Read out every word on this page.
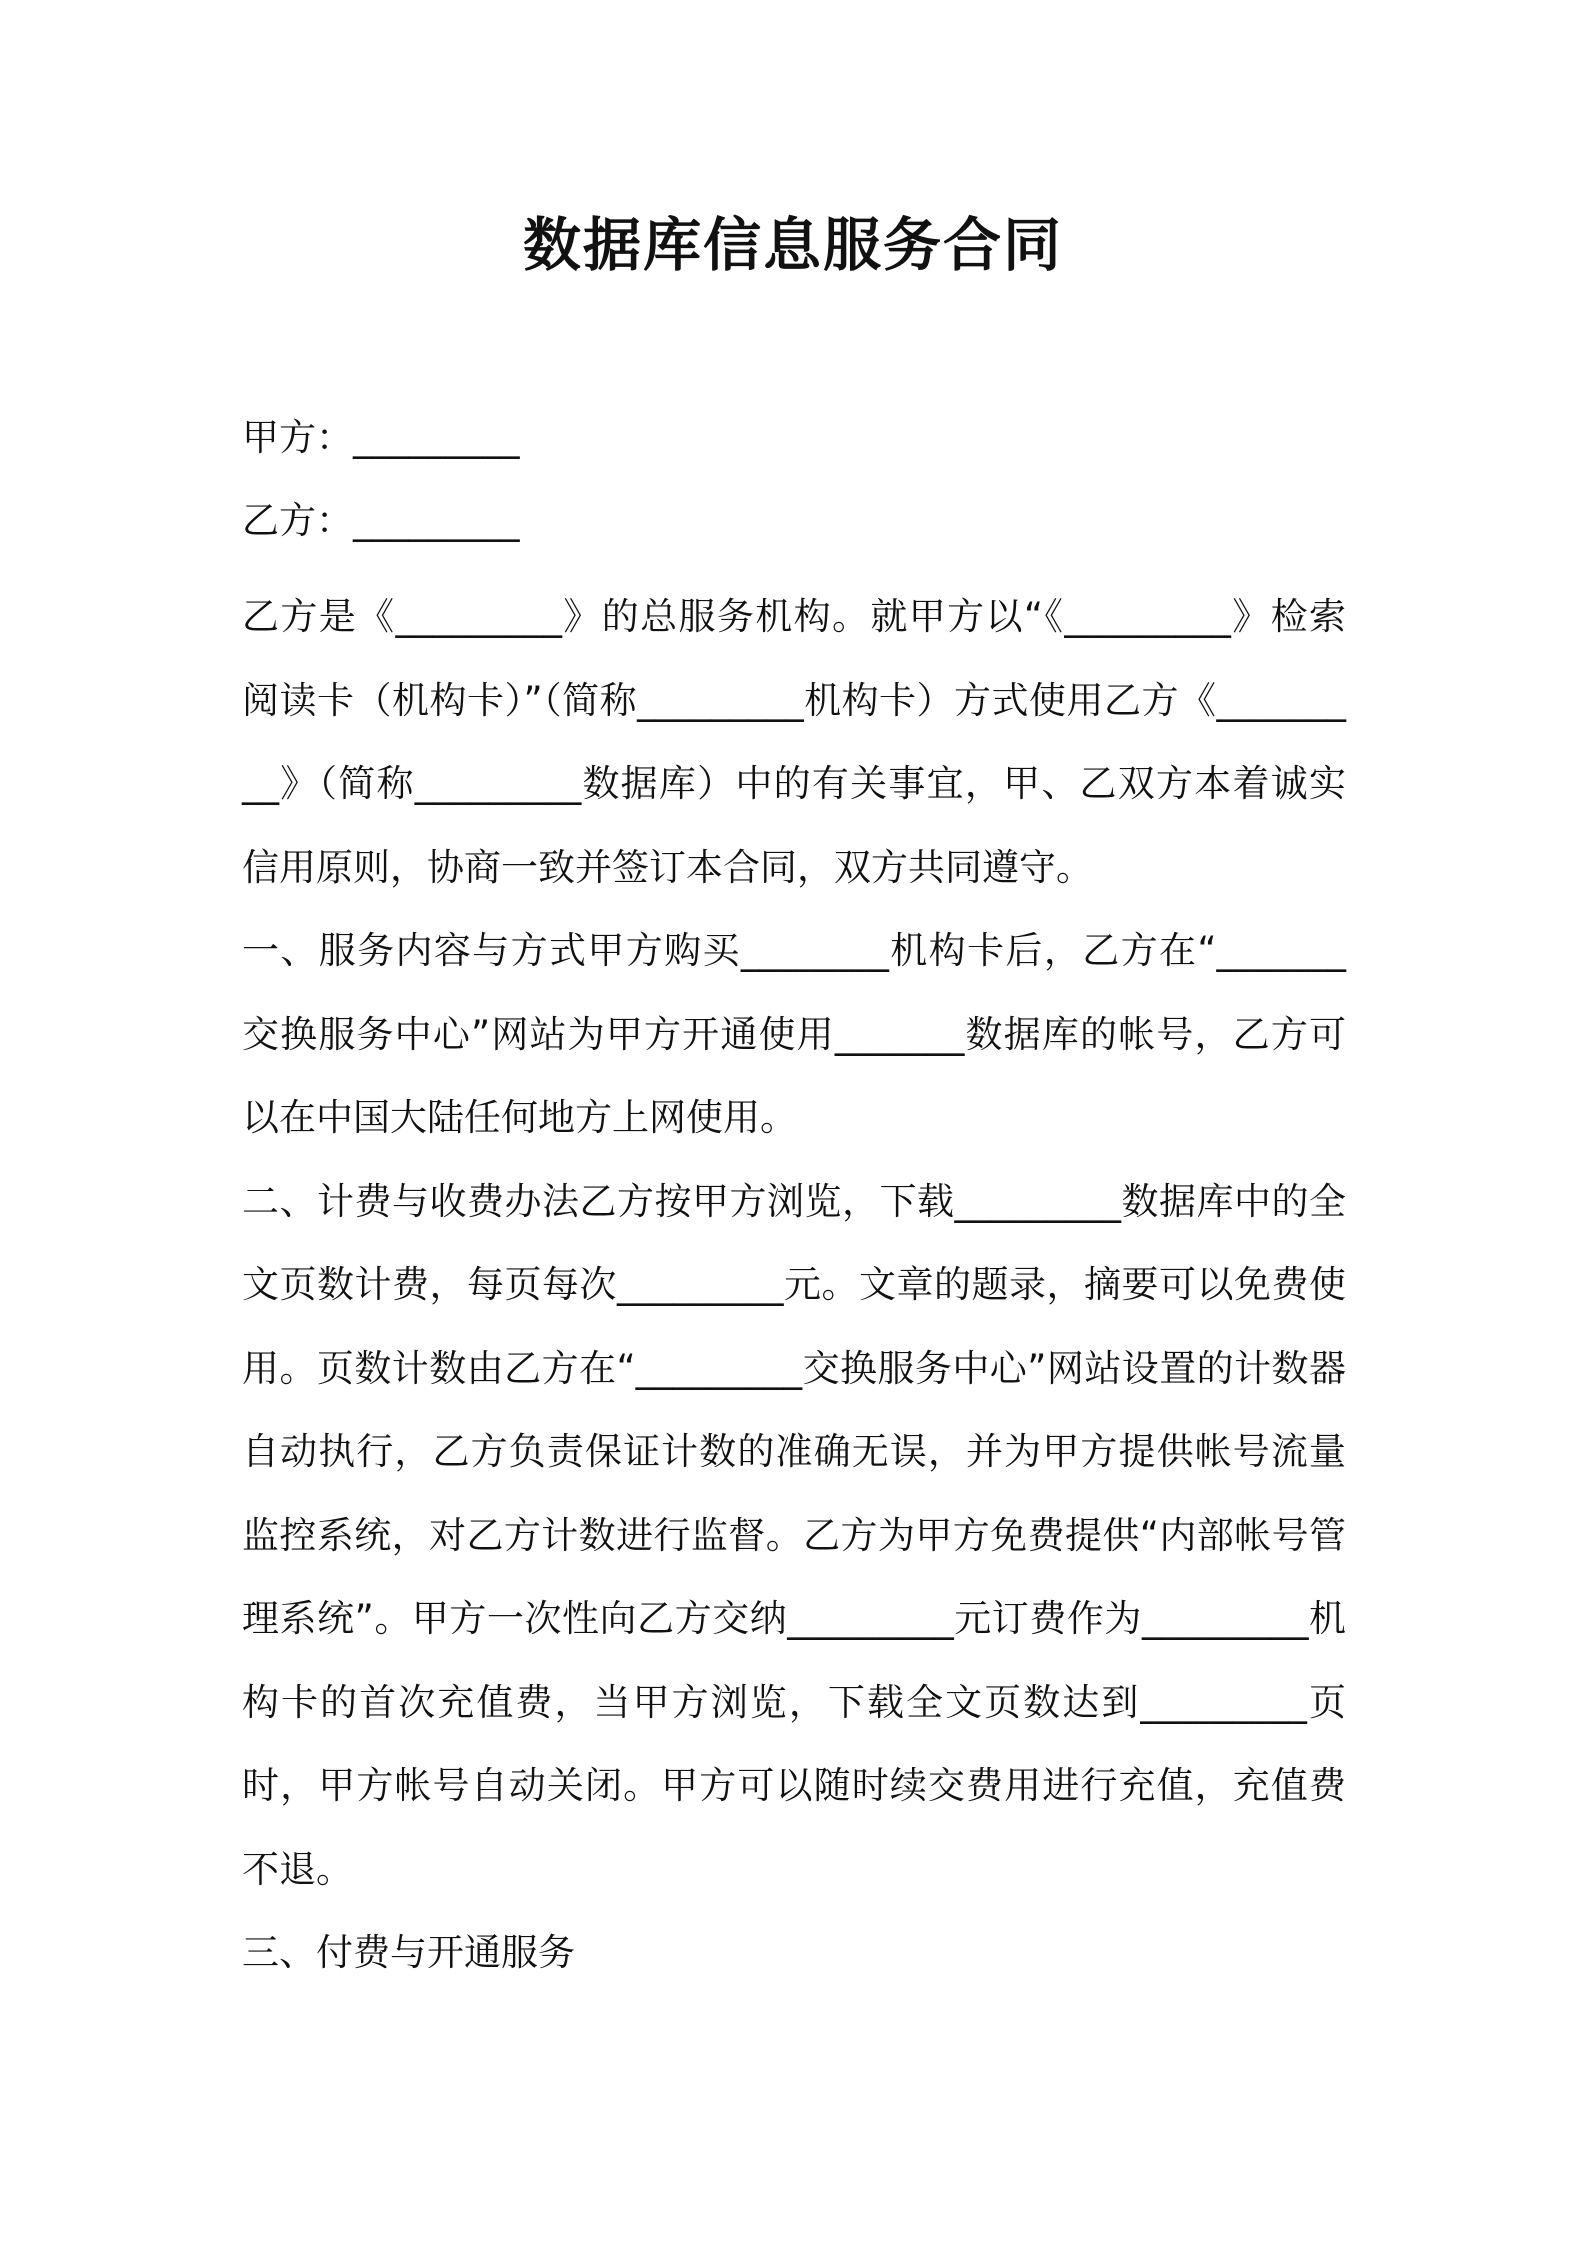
数据库信息服务合同

甲方：_________

乙方：_________

乙方是《_________》的总服务机构。就甲方以“《_________》检索阅读卡（机构卡）”（简称_________机构卡）方式使用乙方《_________》（简称_________数据库）中的有关事宜，甲、乙双方本着诚实信用原则，协商一致并签订本合同，双方共同遵守。

一、服务内容与方式甲方购买________机构卡后，乙方在“_______交换服务中心”网站为甲方开通使用_______数据库的帐号，乙方可以在中国大陆任何地方上网使用。

二、计费与收费办法乙方按甲方浏览，下载_________数据库中的全文页数计费，每页每次_________元。文章的题录，摘要可以免费使用。页数计数由乙方在“_________交换服务中心”网站设置的计数器自动执行，乙方负责保证计数的准确无误，并为甲方提供帐号流量监控系统，对乙方计数进行监督。乙方为甲方免费提供“内部帐号管理系统”。甲方一次性向乙方交纳_________元订费作为_________机构卡的首次充值费，当甲方浏览，下载全文页数达到_________页时，甲方帐号自动关闭。甲方可以随时续交费用进行充值，充值费不退。

三、付费与开通服务
